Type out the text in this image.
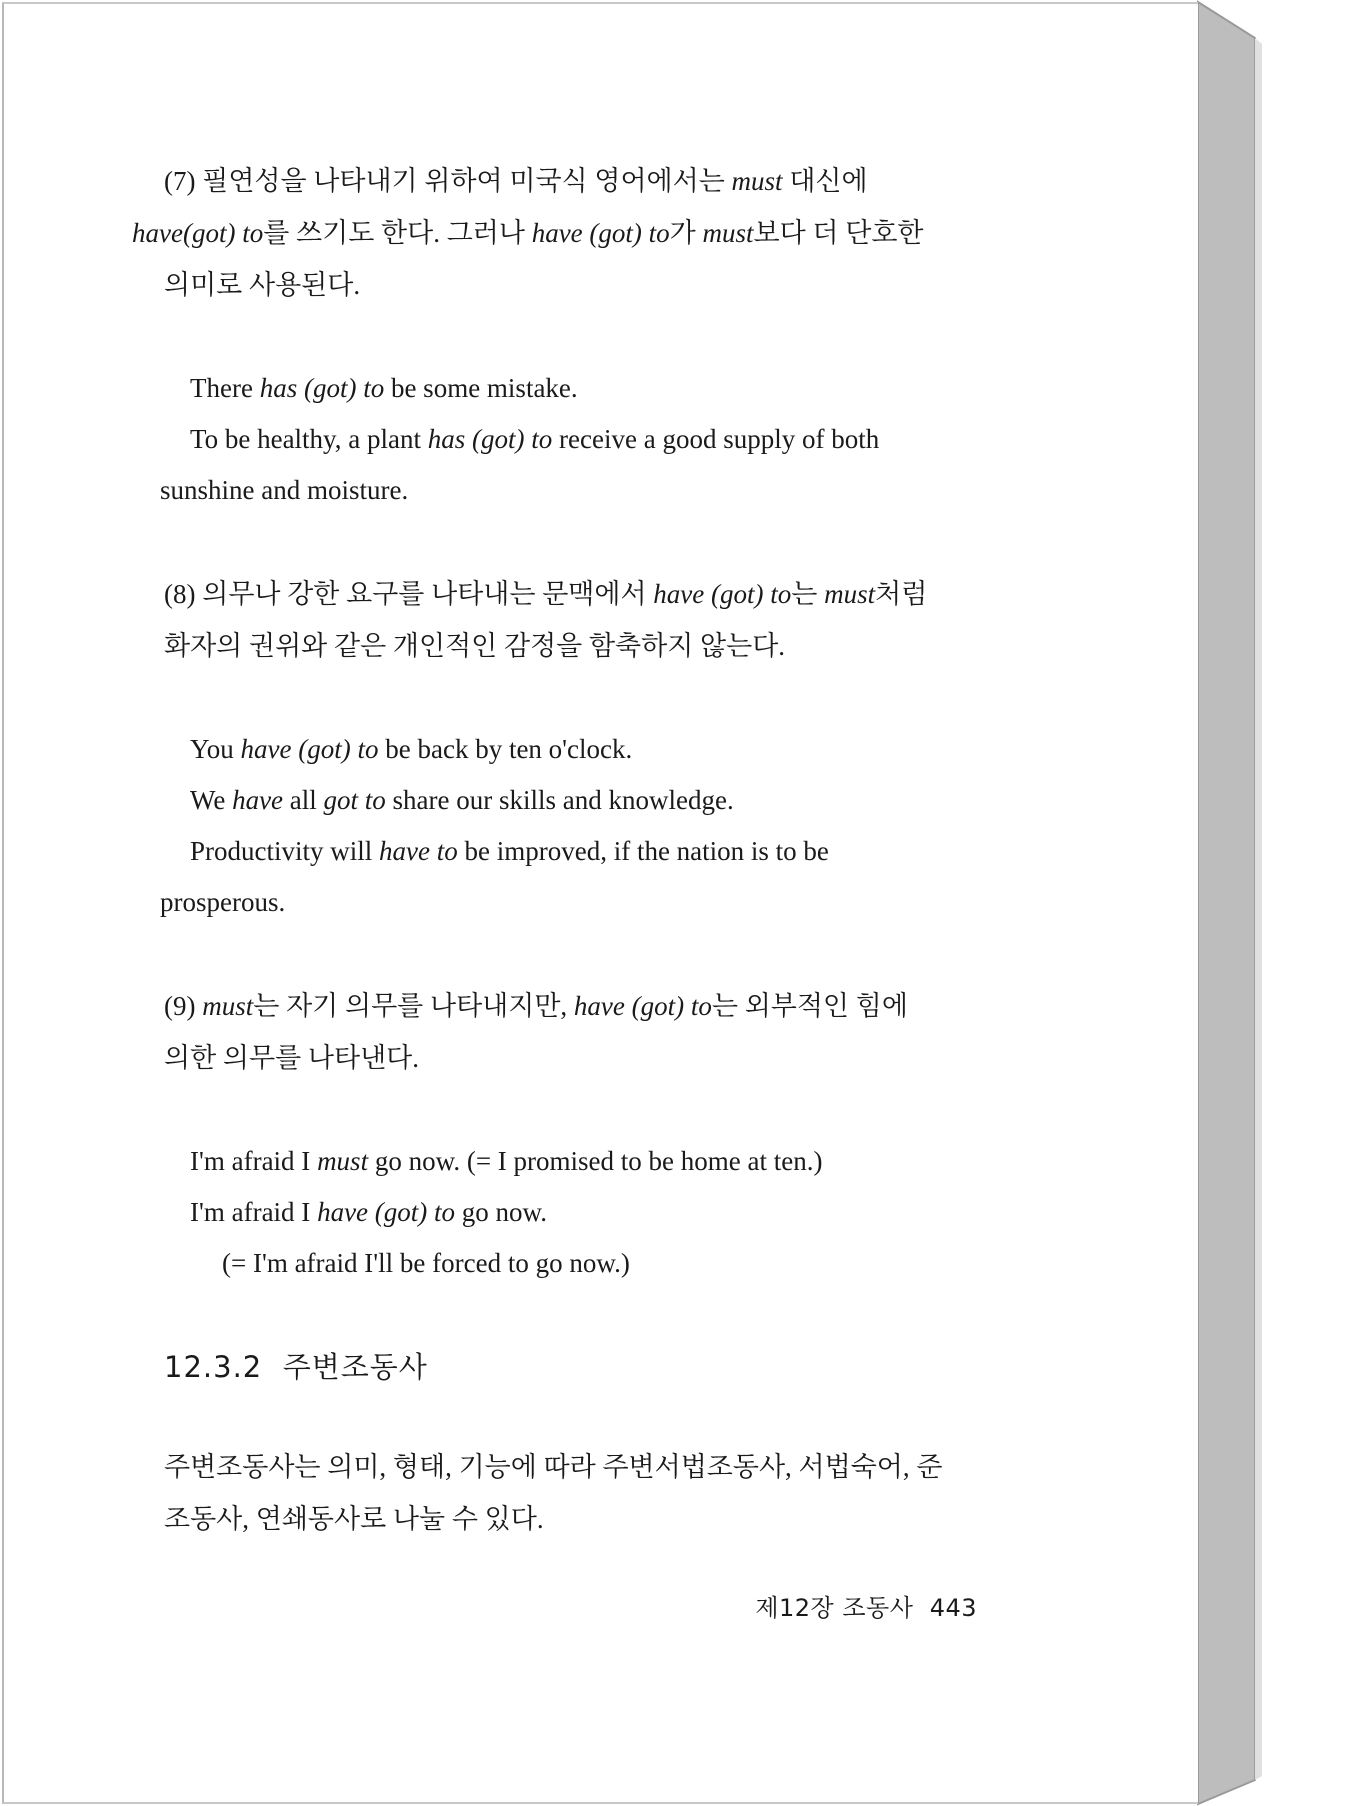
(7) 필연성을 나타내기 위하여 미국식 영어에서는 must 대신에
have(got) to를 쓰기도 한다. 그러나 have (got) to가 must보다 더 단호한
의미로 사용된다.

There has (got) to be some mistake.
To be healthy, a plant has (got) to receive a good supply of both
sunshine and moisture.

(8) 의무나 강한 요구를 나타내는 문맥에서 have (got) to는 must처럼
화자의 권위와 같은 개인적인 감정을 함축하지 않는다.

You have (got) to be back by ten o'clock.
We have all got to share our skills and knowledge.
Productivity will have to be improved, if the nation is to be
prosperous.

(9) must는 자기 의무를 나타내지만, have (got) to는 외부적인 힘에
의한 의무를 나타낸다.

I'm afraid I must go now. (= I promised to be home at ten.)
I'm afraid I have (got) to go now.
(= I'm afraid I'll be forced to go now.)
12.3.2 주변조동사

주변조동사는 의미, 형태, 기능에 따라 주변서법조동사, 서법숙어, 준
조동사, 연쇄동사로 나눌 수 있다.

제12장 조동사 443
